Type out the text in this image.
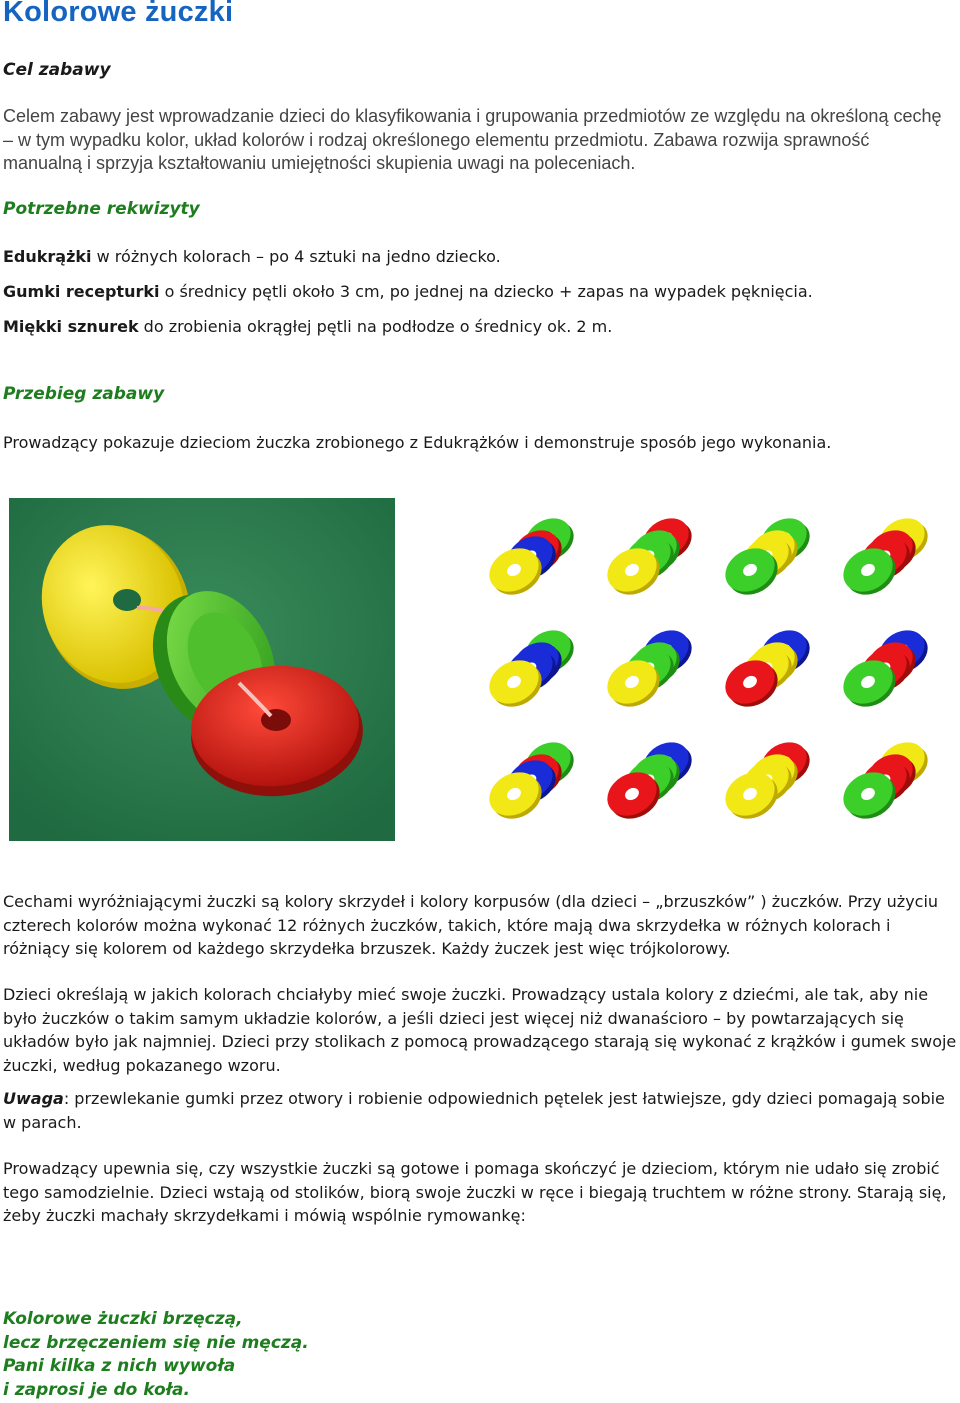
Kolorowe żuczki
Cel zabawy

Celem zabawy jest wprowadzanie dzieci do klasyfikowania i grupowania przedmiotów ze względu na określoną cechę – w tym wypadku kolor, układ kolorów i rodzaj określonego elementu przedmiotu. Zabawa rozwija sprawność manualną i sprzyja kształtowaniu umiejętności skupienia uwagi na poleceniach.

Potrzebne rekwizyty

Edukrążki w różnych kolorach – po 4 sztuki na jedno dziecko.

Gumki recepturki o średnicy pętli około 3 cm, po jednej na dziecko + zapas na wypadek pęknięcia.

Miękki sznurek do zrobienia okrągłej pętli na podłodze o średnicy ok. 2 m.

Przebieg zabawy

Prowadzący pokazuje dzieciom żuczka zrobionego z Edukrążków i demonstruje sposób jego wykonania.

Cechami wyróżniającymi żuczki są kolory skrzydeł i kolory korpusów (dla dzieci – „brzuszków” ) żuczków. Przy użyciu czterech kolorów można wykonać 12 różnych żuczków, takich, które mają dwa skrzydełka w różnych kolorach i różniący się kolorem od każdego skrzydełka brzuszek. Każdy żuczek jest więc trójkolorowy.

Dzieci określają w jakich kolorach chciałyby mieć swoje żuczki. Prowadzący ustala kolory z dziećmi, ale tak, aby nie było żuczków o takim samym układzie kolorów, a jeśli dzieci jest więcej niż dwanaścioro – by powtarzających się układów było jak najmniej. Dzieci przy stolikach z pomocą prowadzącego starają się wykonać z krążków i gumek swoje żuczki, według pokazanego wzoru.

Uwaga: przewlekanie gumki przez otwory i robienie odpowiednich pętelek jest łatwiejsze, gdy dzieci pomagają sobie w parach.

Prowadzący upewnia się, czy wszystkie żuczki są gotowe i pomaga skończyć je dzieciom, którym nie udało się zrobić tego samodzielnie. Dzieci wstają od stolików, biorą swoje żuczki w ręce i biegają truchtem w różne strony. Starają się, żeby żuczki machały skrzydełkami i mówią wspólnie rymowankę:

Kolorowe żuczki brzęczą,

lecz brzęczeniem się nie męczą.

Pani kilka z nich wywoła

i zaprosi je do koła.
